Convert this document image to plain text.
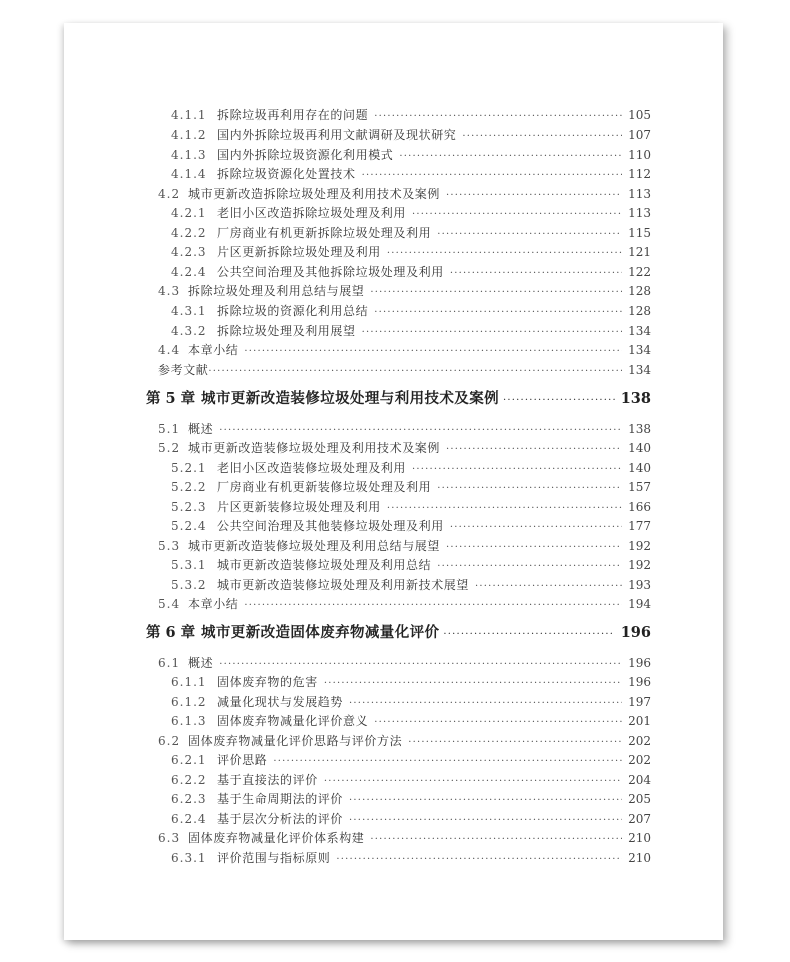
4.1.1 拆除垃圾再利用存在的问题 ·····	105
4.1.2 国内外拆除垃圾再利用文献调研及现状研究 ·····	107
4.1.3 国内外拆除垃圾资源化利用模式 ·····	110
4.1.4 拆除垃圾资源化处置技术 ·····	112
4.2 城市更新改造拆除垃圾处理及利用技术及案例 ·····	113
4.2.1 老旧小区改造拆除垃圾处理及利用 ·····	113
4.2.2 厂房商业有机更新拆除垃圾处理及利用 ·····	115
4.2.3 片区更新拆除垃圾处理及利用 ·····	121
4.2.4 公共空间治理及其他拆除垃圾处理及利用 ·····	122
4.3 拆除垃圾处理及利用总结与展望 ·····	128
4.3.1 拆除垃圾的资源化利用总结 ·····	128
4.3.2 拆除垃圾处理及利用展望 ·····	134
4.4 本章小结 ·····	134
参考文献 ·····	134
第 5 章 城市更新改造装修垃圾处理与利用技术及案例 ·····	138
5.1 概述 ·····	138
5.2 城市更新改造装修垃圾处理及利用技术及案例 ·····	140
5.2.1 老旧小区改造装修垃圾处理及利用 ·····	140
5.2.2 厂房商业有机更新装修垃圾处理及利用 ·····	157
5.2.3 片区更新装修垃圾处理及利用 ·····	166
5.2.4 公共空间治理及其他装修垃圾处理及利用 ·····	177
5.3 城市更新改造装修垃圾处理及利用总结与展望 ·····	192
5.3.1 城市更新改造装修垃圾处理及利用总结 ·····	192
5.3.2 城市更新改造装修垃圾处理及利用新技术展望 ·····	193
5.4 本章小结 ·····	194
第 6 章 城市更新改造固体废弃物减量化评价 ·····	196
6.1 概述 ·····	196
6.1.1 固体废弃物的危害 ·····	196
6.1.2 减量化现状与发展趋势 ·····	197
6.1.3 固体废弃物减量化评价意义 ·····	201
6.2 固体废弃物减量化评价思路与评价方法 ·····	202
6.2.1 评价思路 ·····	202
6.2.2 基于直接法的评价 ·····	204
6.2.3 基于生命周期法的评价 ·····	205
6.2.4 基于层次分析法的评价 ·····	207
6.3 固体废弃物减量化评价体系构建 ·····	210
6.3.1 评价范围与指标原则 ·····	210
